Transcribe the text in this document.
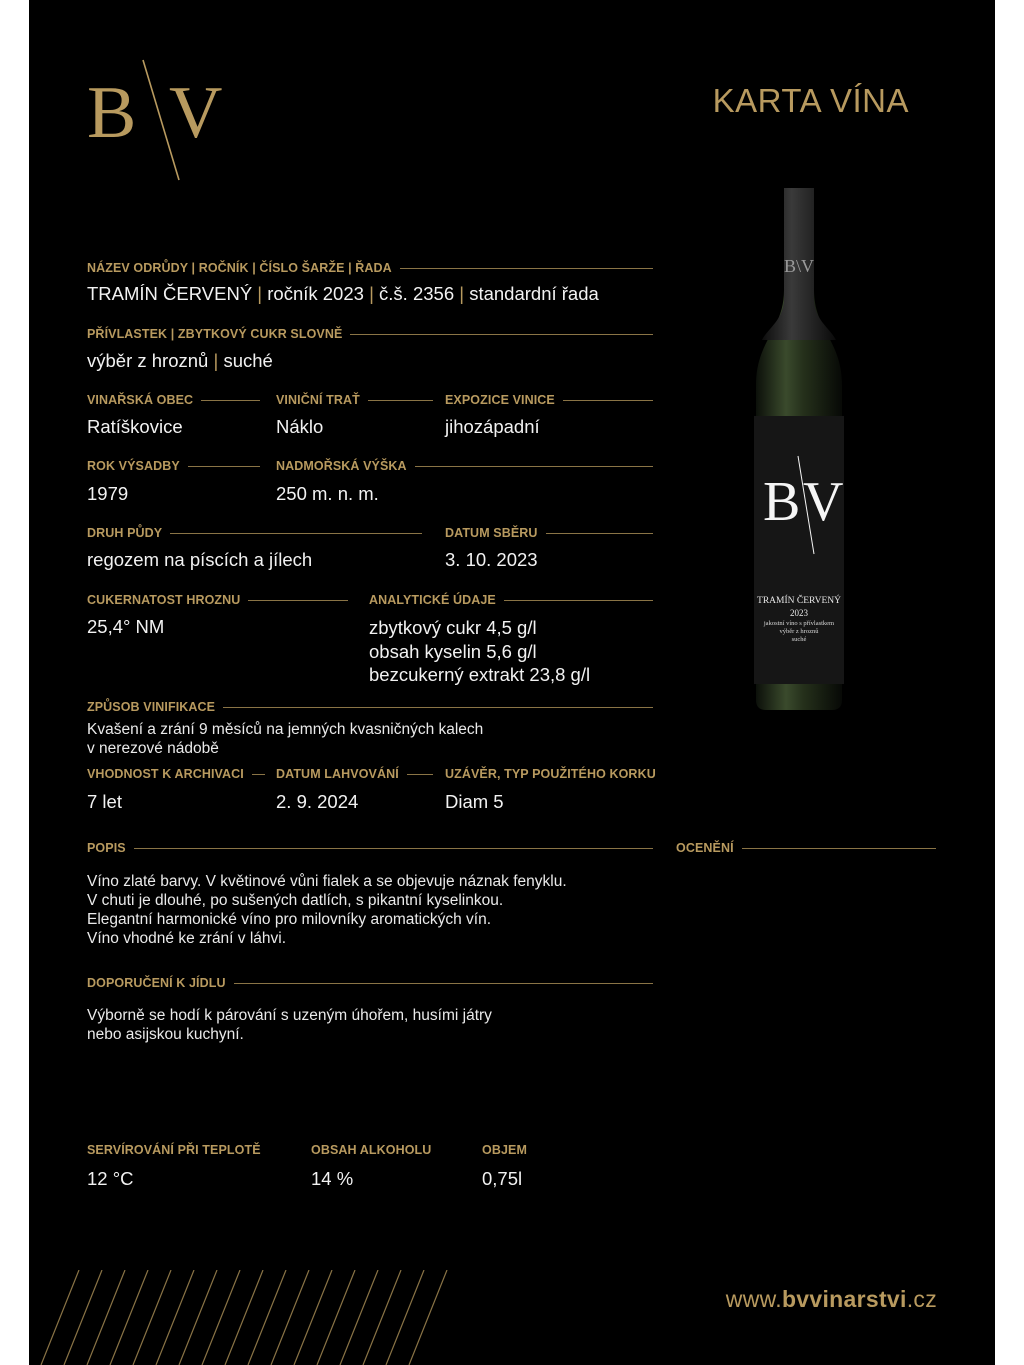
B V	KARTA VÍNA
NÁZEV ODRŮDY | ROČNÍK | ČÍSLO ŠARŽE | ŘADA
TRAMÍN ČERVENÝ | ročník 2023 | č.š. 2356 | standardní řada
PŘÍVLASTEK | ZBYTKOVÝ CUKR SLOVNĚ
výběr z hroznů | suché
VINAŘSKÁ OBEC
Ratíškovice
VINIČNÍ TRAŤ
Náklo
EXPOZICE VINICE
jihozápadní
ROK VÝSADBY
1979
NADMOŘSKÁ VÝŠKA
250 m. n. m.
DRUH PŮDY
regozem na píscích a jílech
DATUM SBĚRU
3. 10. 2023
CUKERNATOST HROZNU
25,4° NM
ANALYTICKÉ ÚDAJE
zbytkový cukr 4,5 g/l
obsah kyselin 5,6 g/l
bezcukerný extrakt 23,8 g/l
ZPŮSOB VINIFIKACE
Kvašení a zrání 9 měsíců na jemných kvasničných kalech
v nerezové nádobě
VHODNOST K ARCHIVACI
7 let
DATUM LAHVOVÁNÍ
2. 9. 2024
UZÁVĚR, TYP POUŽITÉHO KORKU
Diam 5
POPIS	OCENĚNÍ
Víno zlaté barvy. V květinové vůni fialek a se objevuje náznak fenyklu.
V chuti je dlouhé, po sušených datlích, s pikantní kyselinkou.
Elegantní harmonické víno pro milovníky aromatických vín.
Víno vhodné ke zrání v láhvi.
DOPORUČENÍ K JÍDLU
Výborně se hodí k párování s uzeným úhořem, husími játry
nebo asijskou kuchyní.
SERVÍROVÁNÍ PŘI TEPLOTĚ
12 °C
OBSAH ALKOHOLU
14 %
OBJEM
0,75l
B\V
B V
TRAMÍN ČERVENÝ
2023
jakostní víno s přívlastkem
výběr z hroznů
suché
www.bvvinarstvi.cz
